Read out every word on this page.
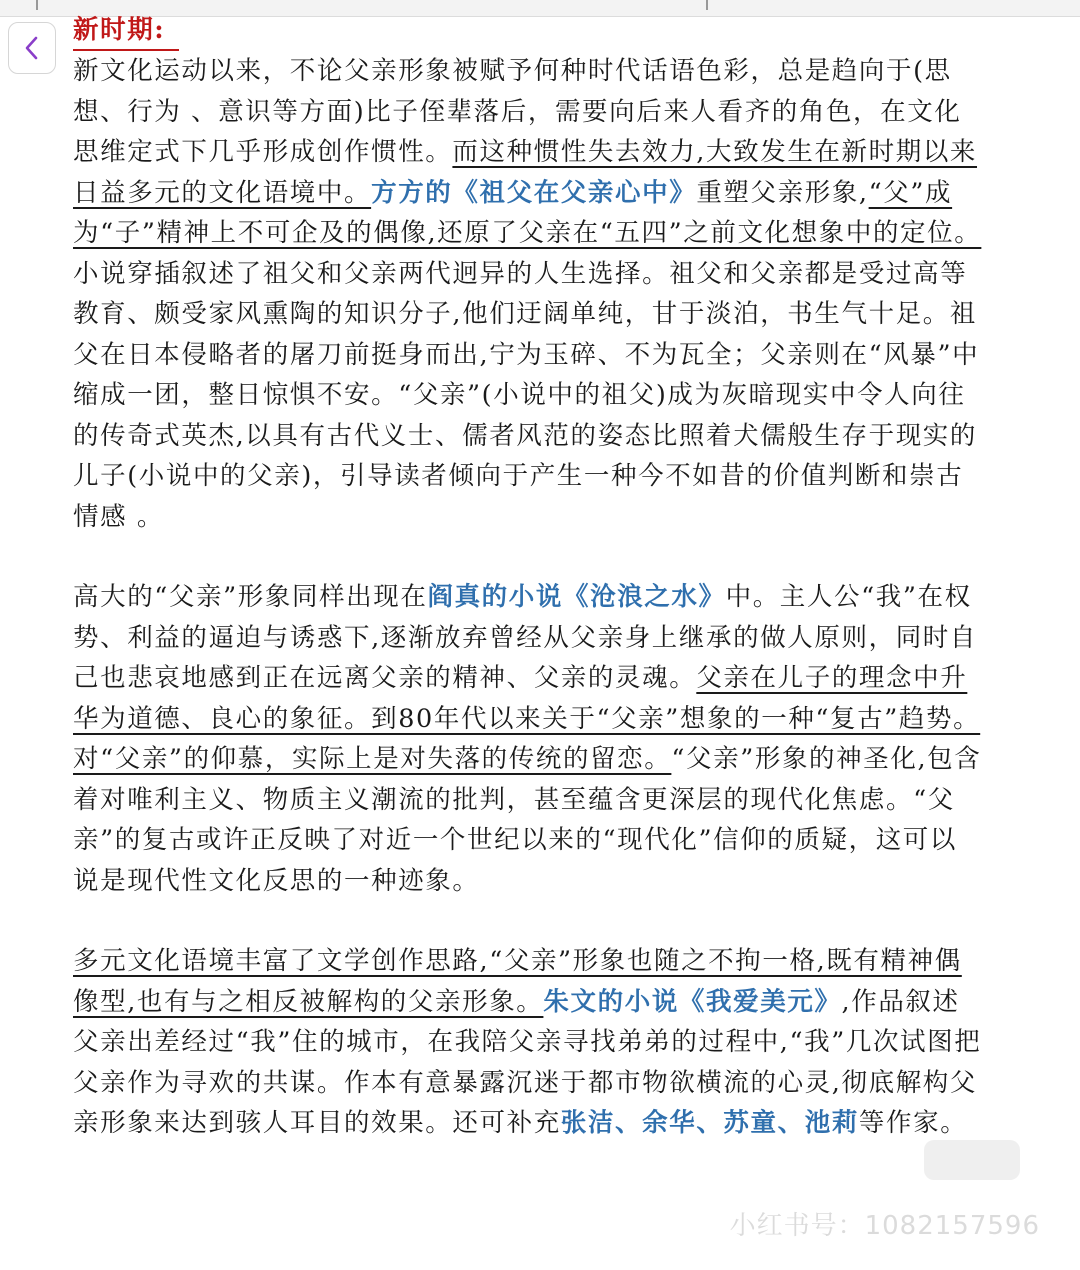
新时期:

新文化运动以来，不论父亲形象被赋予何种时代话语色彩，总是趋向于(思想、行为 、意识等方面)比子侄辈落后，需要向后来人看齐的角色，在文化思维定式下几乎形成创作惯性。而这种惯性失去效力,大致发生在新时期以来日益多元的文化语境中。方方的《祖父在父亲心中》重塑父亲形象,“父”成为“子”精神上不可企及的偶像,还原了父亲在“五四”之前文化想象中的定位。小说穿插叙述了祖父和父亲两代迥异的人生选择。祖父和父亲都是受过高等教育、颇受家风熏陶的知识分子,他们迂阔单纯，甘于淡泊，书生气十足。祖父在日本侵略者的屠刀前挺身而出,宁为玉碎、不为瓦全；父亲则在“风暴”中缩成一团，整日惊惧不安。“父亲”(小说中的祖父)成为灰暗现实中令人向往的传奇式英杰,以具有古代义士、儒者风范的姿态比照着犬儒般生存于现实的儿子(小说中的父亲)，引导读者倾向于产生一种今不如昔的价值判断和崇古情感 。

高大的“父亲”形象同样出现在阎真的小说《沧浪之水》中。主人公“我”在权势、利益的逼迫与诱惑下,逐渐放弃曾经从父亲身上继承的做人原则，同时自己也悲哀地感到正在远离父亲的精神、父亲的灵魂。父亲在儿子的理念中升华为道德、良心的象征。到80年代以来关于“父亲”想象的一种“复古”趋势。对“父亲”的仰慕，实际上是对失落的传统的留恋。“父亲”形象的神圣化,包含着对唯利主义、物质主义潮流的批判，甚至蕴含更深层的现代化焦虑。“父亲”的复古或许正反映了对近一个世纪以来的“现代化”信仰的质疑，这可以说是现代性文化反思的一种迹象。

多元文化语境丰富了文学创作思路,“父亲”形象也随之不拘一格,既有精神偶像型,也有与之相反被解构的父亲形象。朱文的小说《我爱美元》,作品叙述父亲出差经过“我”住的城市，在我陪父亲寻找弟弟的过程中,“我”几次试图把父亲作为寻欢的共谋。作本有意暴露沉迷于都市物欲横流的心灵,彻底解构父亲形象来达到骇人耳目的效果。还可补充张洁、余华、苏童、池莉等作家。

小红书号：1082157596
